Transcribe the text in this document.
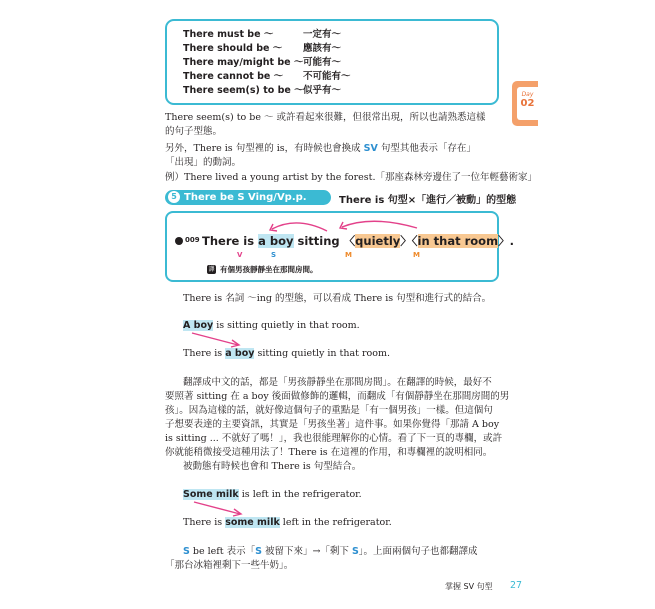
There must be ～	一定有～
There should be ～ 應該有～
There may/might be ～ 可能有～
There cannot be ～ 不可能有～
There seem(s) to be ～ 似乎有～	Day
02
There seem(s) to be ～ 或許看起來很難，但很常出現，所以也請熟悉這樣
的句子型態。
另外，There is 句型裡的 is，有時候也會換成 SV 句型其他表示「存在」
「出現」的動詞。
例）There lived a young artist by the forest.「那座森林旁邊住了一位年輕藝術家」
5 There be S Ving/Vp.p.	There is 句型×「進行／被動」的型態
009 There is a boy sitting 〈quietly〉〈in that room〉.
V	S	M	M
譯 有個男孩靜靜坐在那間房間。
There is 名詞 ～ing 的型態，可以看成 There is 句型和進行式的結合。
A boy is sitting quietly in that room.
There is a boy sitting quietly in that room.
翻譯成中文的話，都是「男孩靜靜坐在那間房間」。在翻譯的時候，最好不
要照著 sitting 在 a boy 後面做修飾的邏輯，而翻成「有個靜靜坐在那間房間的男
孩」。因為這樣的話，就好像這個句子的重點是「有一個男孩」一樣。但這個句
子想要表達的主要資訊，其實是「男孩坐著」這件事。如果你覺得「那請 A boy
is sitting ... 不就好了嗎！」，我也很能理解你的心情。看了下一頁的專欄，或許
你就能稍微接受這種用法了！There is 在這裡的作用，和專欄裡的說明相同。
被動態有時候也會和 There is 句型結合。
Some milk is left in the refrigerator.
There is some milk left in the refrigerator.
S be left 表示「S 被留下來」→「剩下 S」。上面兩個句子也都翻譯成
「那台冰箱裡剩下一些牛奶」。
掌握 SV 句型 27
